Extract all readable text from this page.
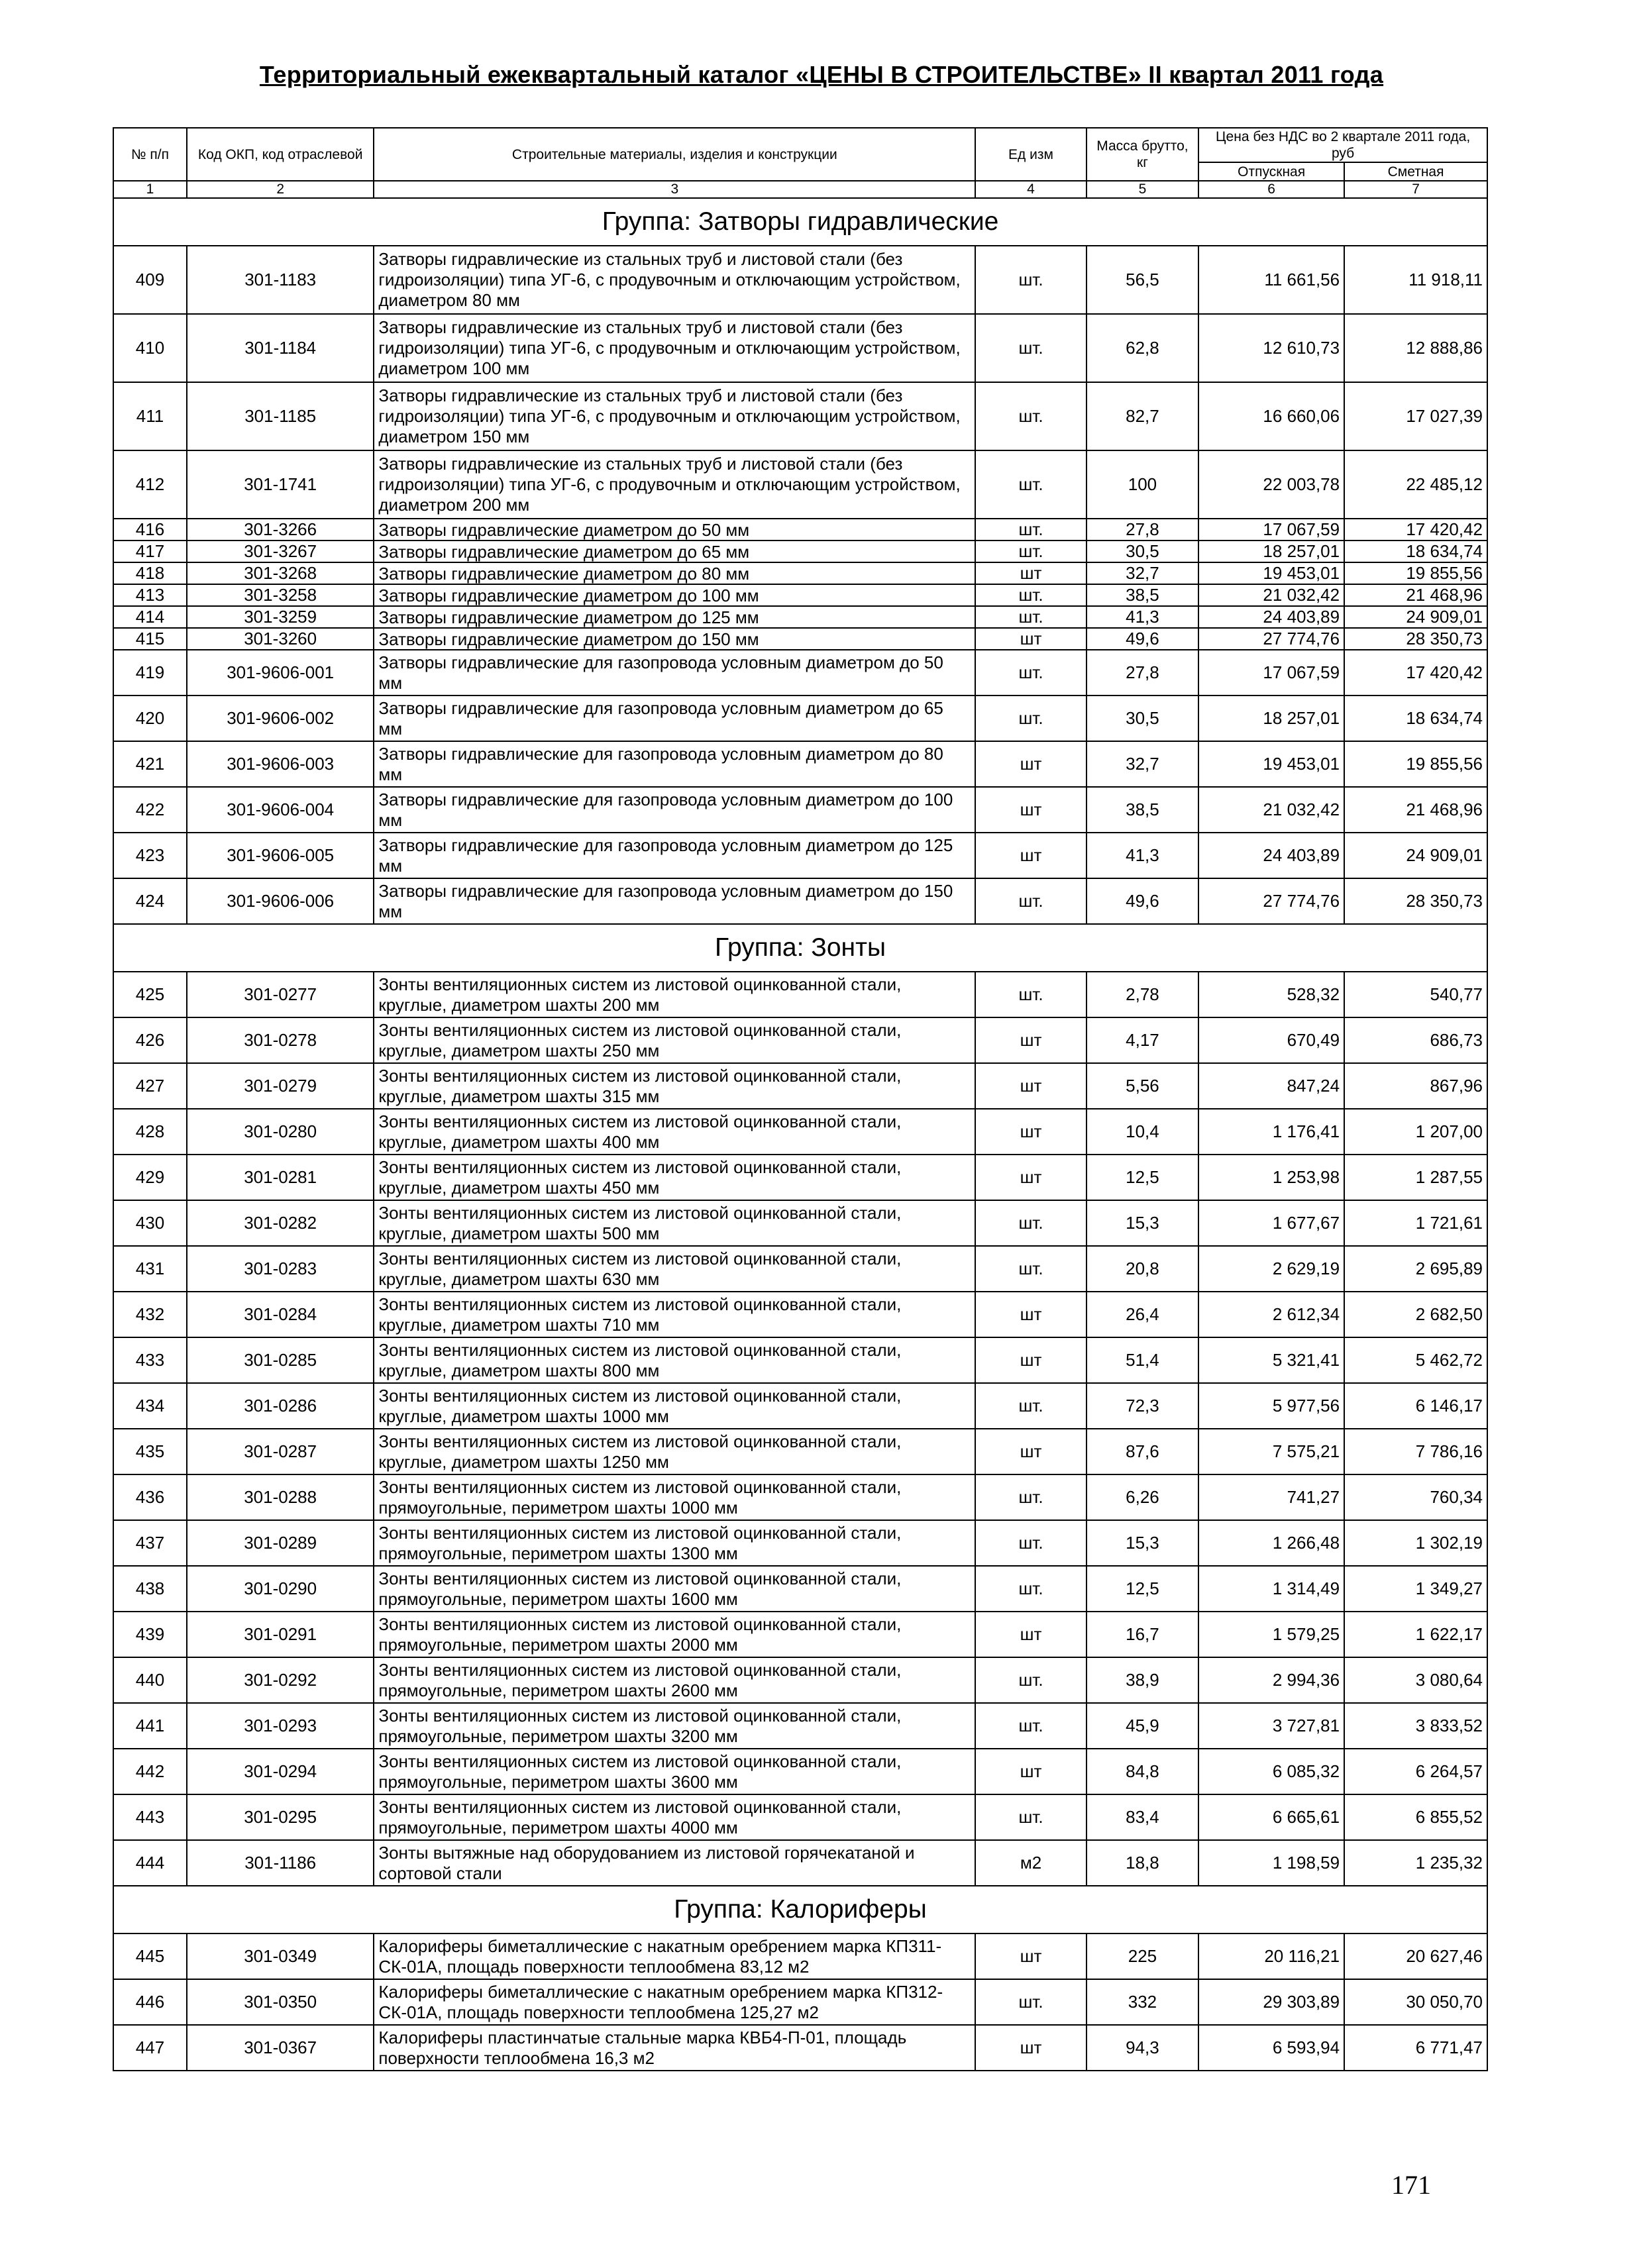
Территориальный ежеквартальный каталог «ЦЕНЫ В СТРОИТЕЛЬСТВЕ» II квартал 2011 года
№ п/п	Код ОКП, код отраслевой	Строительные материалы, изделия и конструкции	Ед изм	Масса брутто, кг	Цена без НДС во 2 квартале 2011 года, руб	
					Отпускная	Сметная
1	2	3	4	5	6	7
Группа: Затворы гидравлические						
409	301-1183	Затворы гидравлические из стальных труб и листовой стали (без гидроизоляции) типа УГ-6, с продувочным и отключающим устройством, диаметром 80 мм	шт.	56,5	11 661,56	11 918,11
410	301-1184	Затворы гидравлические из стальных труб и листовой стали (без гидроизоляции) типа УГ-6, с продувочным и отключающим устройством, диаметром 100 мм	шт.	62,8	12 610,73	12 888,86
411	301-1185	Затворы гидравлические из стальных труб и листовой стали (без гидроизоляции) типа УГ-6, с продувочным и отключающим устройством, диаметром 150 мм	шт.	82,7	16 660,06	17 027,39
412	301-1741	Затворы гидравлические из стальных труб и листовой стали (без гидроизоляции) типа УГ-6, с продувочным и отключающим устройством, диаметром 200 мм	шт.	100	22 003,78	22 485,12
416	301-3266	Затворы гидравлические диаметром до 50 мм	шт.	27,8	17 067,59	17 420,42
417	301-3267	Затворы гидравлические диаметром до 65 мм	шт.	30,5	18 257,01	18 634,74
418	301-3268	Затворы гидравлические диаметром до 80 мм	шт	32,7	19 453,01	19 855,56
413	301-3258	Затворы гидравлические диаметром до 100 мм	шт.	38,5	21 032,42	21 468,96
414	301-3259	Затворы гидравлические диаметром до 125 мм	шт.	41,3	24 403,89	24 909,01
415	301-3260	Затворы гидравлические диаметром до 150 мм	шт	49,6	27 774,76	28 350,73
419	301-9606-001	Затворы гидравлические для газопровода условным диаметром до 50 мм	шт.	27,8	17 067,59	17 420,42
420	301-9606-002	Затворы гидравлические для газопровода условным диаметром до 65 мм	шт.	30,5	18 257,01	18 634,74
421	301-9606-003	Затворы гидравлические для газопровода условным диаметром до 80 мм	шт	32,7	19 453,01	19 855,56
422	301-9606-004	Затворы гидравлические для газопровода условным диаметром до 100 мм	шт	38,5	21 032,42	21 468,96
423	301-9606-005	Затворы гидравлические для газопровода условным диаметром до 125 мм	шт	41,3	24 403,89	24 909,01
424	301-9606-006	Затворы гидравлические для газопровода условным диаметром до 150 мм	шт.	49,6	27 774,76	28 350,73
Группа: Зонты						
425	301-0277	Зонты вентиляционных систем из листовой оцинкованной стали, круглые, диаметром шахты 200 мм	шт.	2,78	528,32	540,77
426	301-0278	Зонты вентиляционных систем из листовой оцинкованной стали, круглые, диаметром шахты 250 мм	шт	4,17	670,49	686,73
427	301-0279	Зонты вентиляционных систем из листовой оцинкованной стали, круглые, диаметром шахты 315 мм	шт	5,56	847,24	867,96
428	301-0280	Зонты вентиляционных систем из листовой оцинкованной стали, круглые, диаметром шахты 400 мм	шт	10,4	1 176,41	1 207,00
429	301-0281	Зонты вентиляционных систем из листовой оцинкованной стали, круглые, диаметром шахты 450 мм	шт	12,5	1 253,98	1 287,55
430	301-0282	Зонты вентиляционных систем из листовой оцинкованной стали, круглые, диаметром шахты 500 мм	шт.	15,3	1 677,67	1 721,61
431	301-0283	Зонты вентиляционных систем из листовой оцинкованной стали, круглые, диаметром шахты 630 мм	шт.	20,8	2 629,19	2 695,89
432	301-0284	Зонты вентиляционных систем из листовой оцинкованной стали, круглые, диаметром шахты 710 мм	шт	26,4	2 612,34	2 682,50
433	301-0285	Зонты вентиляционных систем из листовой оцинкованной стали, круглые, диаметром шахты 800 мм	шт	51,4	5 321,41	5 462,72
434	301-0286	Зонты вентиляционных систем из листовой оцинкованной стали, круглые, диаметром шахты 1000 мм	шт.	72,3	5 977,56	6 146,17
435	301-0287	Зонты вентиляционных систем из листовой оцинкованной стали, круглые, диаметром шахты 1250 мм	шт	87,6	7 575,21	7 786,16
436	301-0288	Зонты вентиляционных систем из листовой оцинкованной стали, прямоугольные, периметром шахты 1000 мм	шт.	6,26	741,27	760,34
437	301-0289	Зонты вентиляционных систем из листовой оцинкованной стали, прямоугольные, периметром шахты 1300 мм	шт.	15,3	1 266,48	1 302,19
438	301-0290	Зонты вентиляционных систем из листовой оцинкованной стали, прямоугольные, периметром шахты 1600 мм	шт.	12,5	1 314,49	1 349,27
439	301-0291	Зонты вентиляционных систем из листовой оцинкованной стали, прямоугольные, периметром шахты 2000 мм	шт	16,7	1 579,25	1 622,17
440	301-0292	Зонты вентиляционных систем из листовой оцинкованной стали, прямоугольные, периметром шахты 2600 мм	шт.	38,9	2 994,36	3 080,64
441	301-0293	Зонты вентиляционных систем из листовой оцинкованной стали, прямоугольные, периметром шахты 3200 мм	шт.	45,9	3 727,81	3 833,52
442	301-0294	Зонты вентиляционных систем из листовой оцинкованной стали, прямоугольные, периметром шахты 3600 мм	шт	84,8	6 085,32	6 264,57
443	301-0295	Зонты вентиляционных систем из листовой оцинкованной стали, прямоугольные, периметром шахты 4000 мм	шт.	83,4	6 665,61	6 855,52
444	301-1186	Зонты вытяжные над оборудованием из листовой горячекатаной и сортовой стали	м2	18,8	1 198,59	1 235,32
Группа: Калориферы						
445	301-0349	Калориферы биметаллические с накатным оребрением марка КП311-СК-01А, площадь поверхности теплообмена 83,12 м2	шт	225	20 116,21	20 627,46
446	301-0350	Калориферы биметаллические с накатным оребрением марка КП312-СК-01А, площадь поверхности теплообмена 125,27 м2	шт.	332	29 303,89	30 050,70
447	301-0367	Калориферы пластинчатые стальные марка КВБ4-П-01, площадь поверхности теплообмена 16,3 м2	шт	94,3	6 593,94	6 771,47
171
